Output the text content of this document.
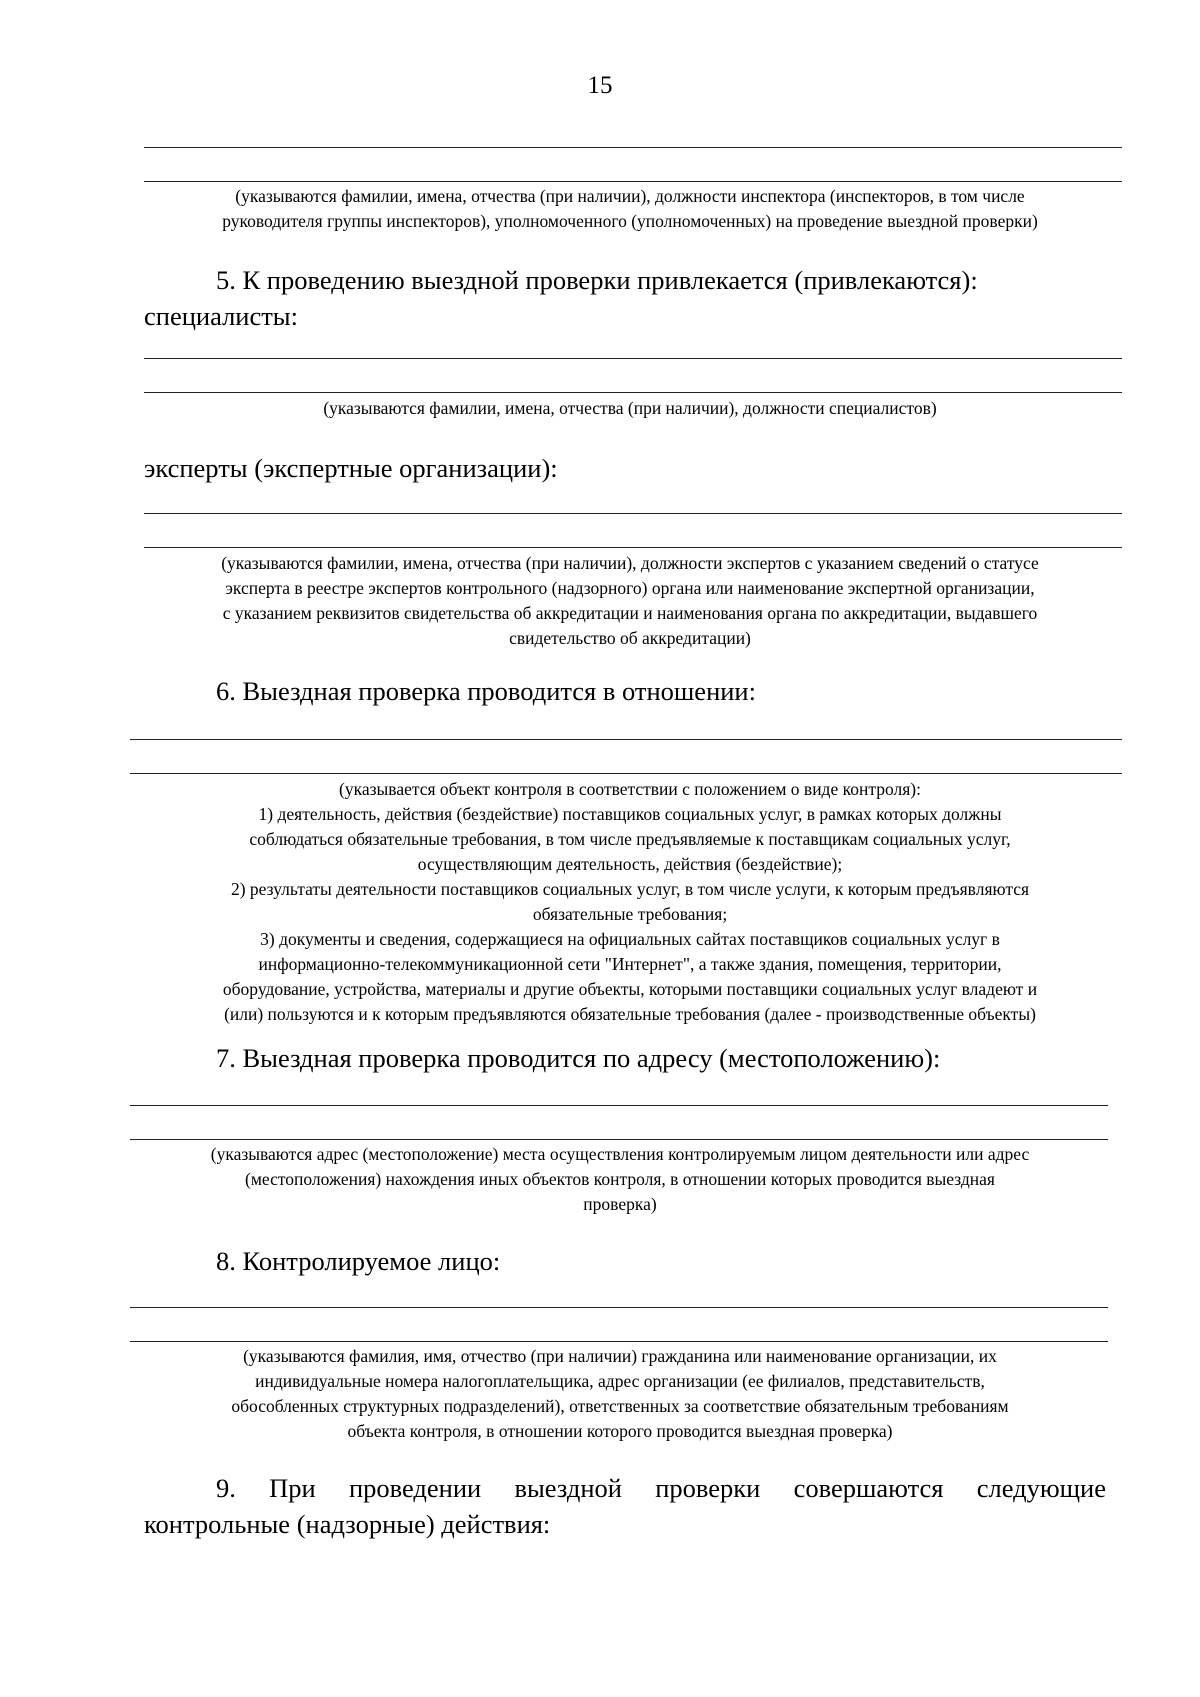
15
(указываются фамилии, имена, отчества (при наличии), должности инспектора (инспекторов, в том числе
руководителя группы инспекторов), уполномоченного (уполномоченных) на проведение выездной проверки)
5. К проведению выездной проверки привлекается (привлекаются):
специалисты:
(указываются фамилии, имена, отчества (при наличии), должности специалистов)
эксперты (экспертные организации):
(указываются фамилии, имена, отчества (при наличии), должности экспертов с указанием сведений о статусе
эксперта в реестре экспертов контрольного (надзорного) органа или наименование экспертной организации,
с указанием реквизитов свидетельства об аккредитации и наименования органа по аккредитации, выдавшего
свидетельство об аккредитации)
6. Выездная проверка проводится в отношении:
(указывается объект контроля в соответствии с положением о виде контроля):
1) деятельность, действия (бездействие) поставщиков социальных услуг, в рамках которых должны
соблюдаться обязательные требования, в том числе предъявляемые к поставщикам социальных услуг,
осуществляющим деятельность, действия (бездействие);
2) результаты деятельности поставщиков социальных услуг, в том числе услуги, к которым предъявляются
обязательные требования;
3) документы и сведения, содержащиеся на официальных сайтах поставщиков социальных услуг в
информационно-телекоммуникационной сети "Интернет", а также здания, помещения, территории,
оборудование, устройства, материалы и другие объекты, которыми поставщики социальных услуг владеют и
(или) пользуются и к которым предъявляются обязательные требования (далее - производственные объекты)
7. Выездная проверка проводится по адресу (местоположению):
(указываются адрес (местоположение) места осуществления контролируемым лицом деятельности или адрес
(местоположения) нахождения иных объектов контроля, в отношении которых проводится выездная
проверка)
8. Контролируемое лицо:
(указываются фамилия, имя, отчество (при наличии) гражданина или наименование организации, их
индивидуальные номера налогоплательщика, адрес организации (ее филиалов, представительств,
обособленных структурных подразделений), ответственных за соответствие обязательным требованиям
объекта контроля, в отношении которого проводится выездная проверка)
9. При проведении выездной проверки совершаются следующие
контрольные (надзорные) действия:
